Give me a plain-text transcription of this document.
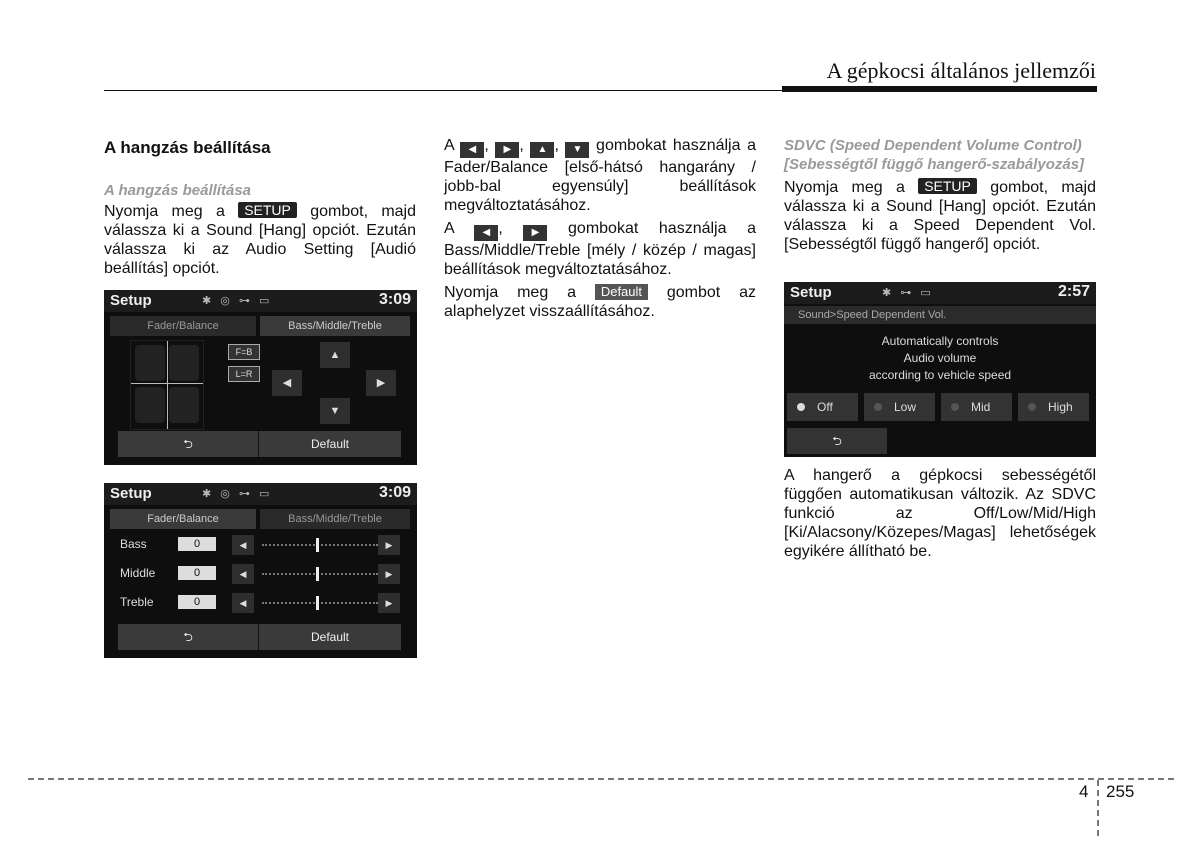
A gépkocsi általános jellemzői
A hangzás beállítása
A hangzás beállítása

Nyomja meg a SETUP gombot, majd válassza ki a Sound [Hang] opciót. Ezután válassza ki az Audio Setting [Audió beállítás] opciót.

Setup	✱ ◎ ⊶ ▭	3:09
Fader/Balance	Bass/Middle/Treble
F=B
L=R
▲
◀	▶
▼
⮌	Default
Setup	✱ ◎ ⊶ ▭	3:09
Fader/Balance	Bass/Middle/Treble
Bass	0	◀	▶
Middle	0	◀	▶
Treble	0	◀	▶
⮌	Default

A ◀ , ▶ , ▲ , ▼ gombokat használja a Fader/Balance [első-hátsó hangarány / jobb-bal egyensúly] beállítások megváltoztatásához.

A ◀ , ▶ gombokat használja a Bass/Middle/Treble [mély / közép / magas] beállítások megváltoztatásához.

Nyomja meg a Default gombot az alaphelyzet visszaállításához.

SDVC (Speed Dependent Volume Control) [Sebességtől függő hangerő-szabályozás]

Nyomja meg a SETUP gombot, majd válassza ki a Sound [Hang] opciót. Ezután válassza ki a Speed Dependent Vol. [Sebességtől függő hangerő] opciót.

Setup	✱ ⊶ ▭	2:57
Sound>Speed Dependent Vol.
Automatically controls
Audio volume
according to vehicle speed
Off	Low	Mid	High
⮌

A hangerő a gépkocsi sebességétől függően automatikusan változik. Az SDVC funkció az Off/Low/Mid/High [Ki/Alacsony/Közepes/Magas] lehetőségek egyikére állítható be.

4 255
